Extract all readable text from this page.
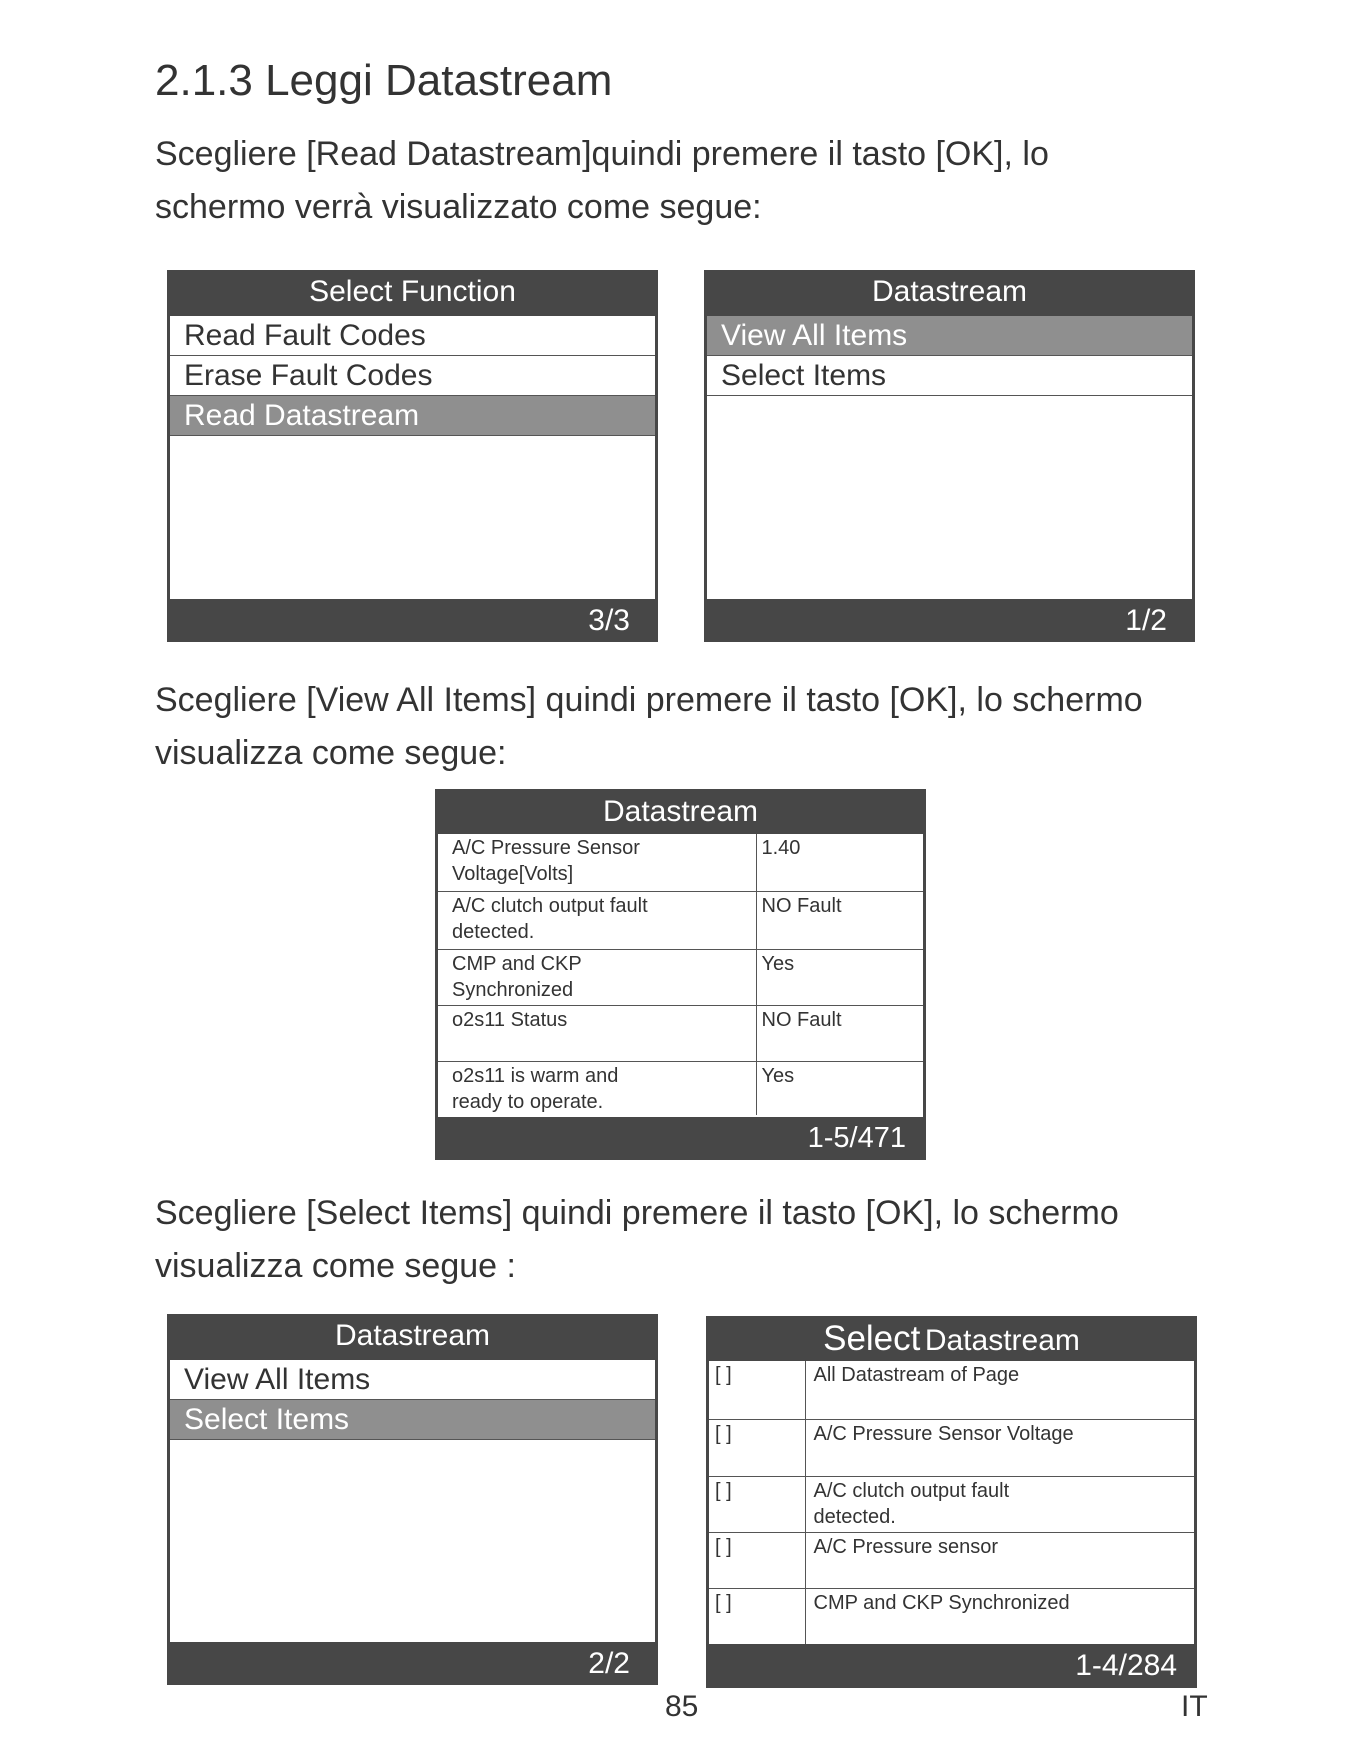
2.1.3 Leggi Datastream
Scegliere [Read Datastream]quindi premere il tasto [OK], lo
schermo verrà visualizzato come segue:
Select Function
Read Fault Codes
Erase Fault Codes
Read Datastream
3/3
Datastream
View All Items
Select Items
1/2
Scegliere [View All Items] quindi premere il tasto [OK], lo schermo
visualizza come segue:
Datastream
A/C Pressure Sensor
Voltage[Volts]	1.40

A/C clutch output fault
detected.	NO Fault

CMP and CKP
Synchronized	Yes

o2s11 Status	NO Fault

o2s11 is warm and
ready to operate.	Yes
1-5/471
Scegliere [Select Items] quindi premere il tasto [OK], lo schermo
visualizza come segue :
Datastream
View All Items
Select Items
2/2
Select Datastream
[ ]	All Datastream of Page

[ ]	A/C Pressure Sensor Voltage

[ ]	A/C clutch output fault
detected.

[ ]	A/C Pressure sensor

[ ]	CMP and CKP Synchronized
1-4/284
85	IT
